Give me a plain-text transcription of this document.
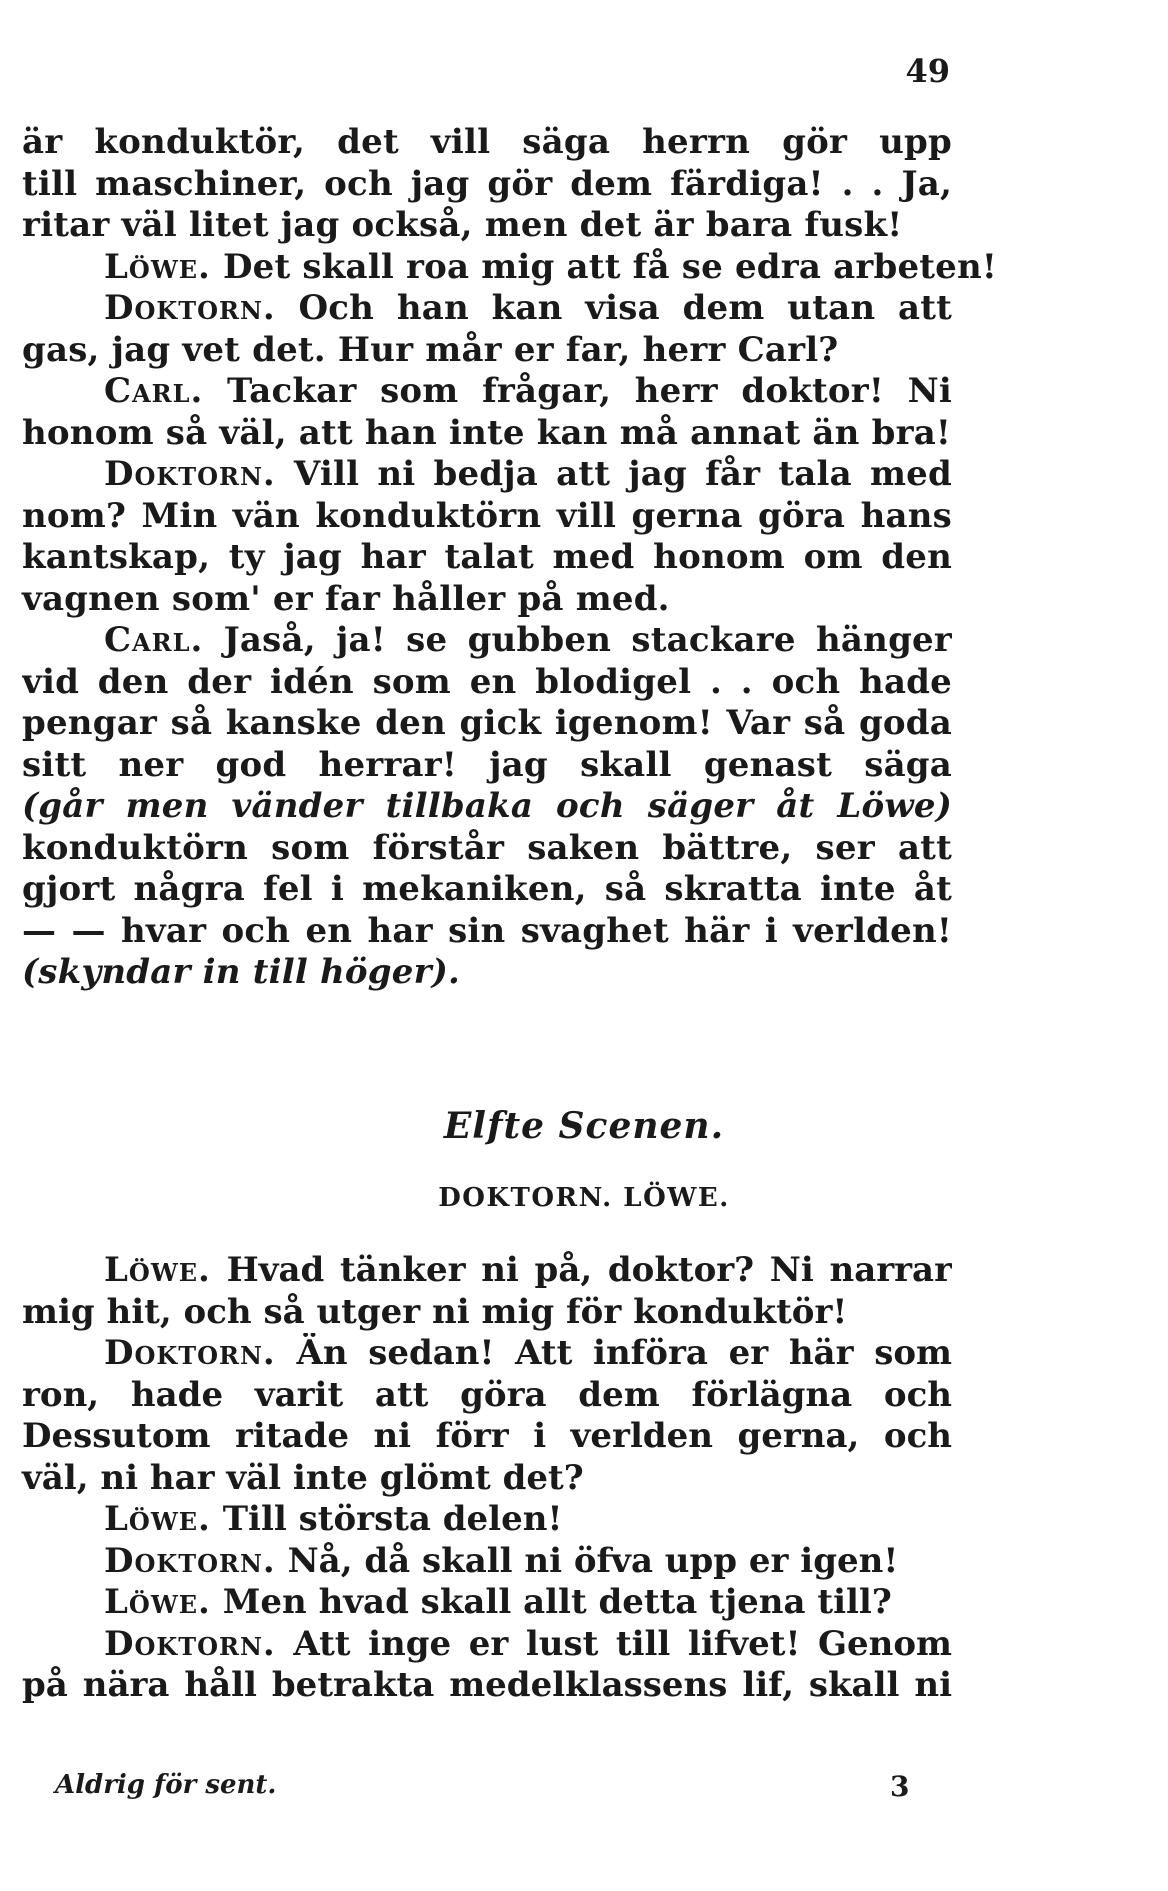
49
är konduktör, det vill säga herrn gör upp
till maschiner, och jag gör dem färdiga! . . Ja,
ritar väl litet jag också, men det är bara fusk!
Löwe. Det skall roa mig att få se edra arbeten!
Doktorn. Och han kan visa dem utan att
gas, jag vet det. Hur mår er far, herr Carl?
Carl. Tackar som frågar, herr doktor! Ni
honom så väl, att han inte kan må annat än bra!
Doktorn. Vill ni bedja att jag får tala med
nom? Min vän konduktörn vill gerna göra hans
kantskap, ty jag har talat med honom om den
vagnen som' er far håller på med.
Carl. Jaså, ja! se gubben stackare hänger
vid den der idén som en blodigel . . och hade
pengar så kanske den gick igenom! Var så goda
sitt ner god herrar! jag skall genast säga
(går men vänder tillbaka och säger åt Löwe)
konduktörn som förstår saken bättre, ser att
gjort några fel i mekaniken, så skratta inte åt
— — hvar och en har sin svaghet här i verlden!
(skyndar in till höger).
Elfte Scenen.
DOKTORN. LÖWE.
Löwe. Hvad tänker ni på, doktor? Ni narrar
mig hit, och så utger ni mig för konduktör!
Doktorn. Än sedan! Att införa er här som
ron, hade varit att göra dem förlägna och
Dessutom ritade ni förr i verlden gerna, och
väl, ni har väl inte glömt det?
Löwe. Till största delen!
Doktorn. Nå, då skall ni öfva upp er igen!
Löwe. Men hvad skall allt detta tjena till?
Doktorn. Att inge er lust till lifvet! Genom
på nära håll betrakta medelklassens lif, skall ni
Aldrig för sent.	3
